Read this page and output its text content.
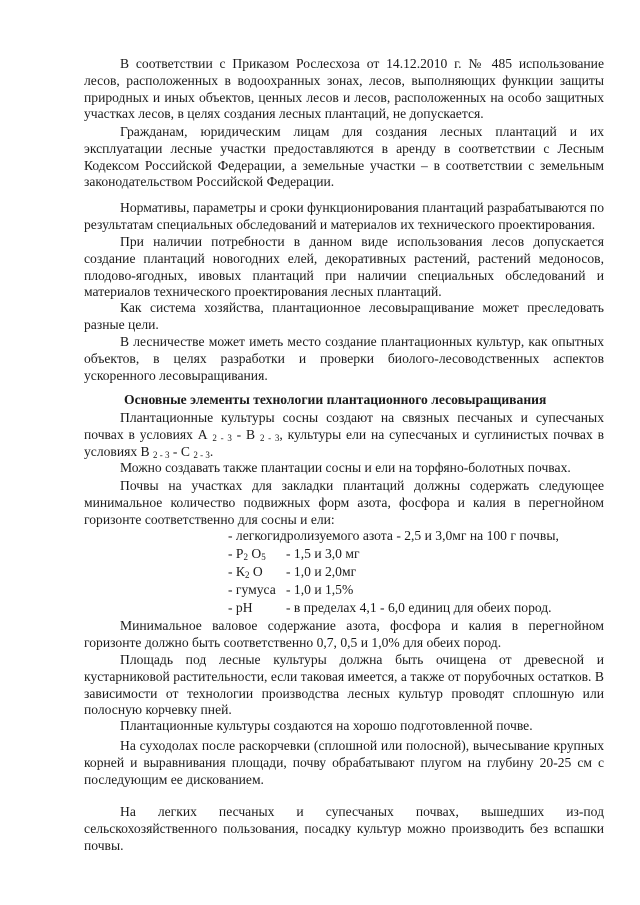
В соответствии с Приказом Рослесхоза от 14.12.2010 г. № 485 использование лесов, расположенных в водоохранных зонах, лесов, выполняющих функции защиты природных и иных объектов, ценных лесов и лесов, расположенных на особо защитных участках лесов, в целях создания лесных плантаций, не допускается.

Гражданам, юридическим лицам для создания лесных плантаций и их эксплуатации лесные участки предоставляются в аренду в соответствии с Лесным Кодексом Российской Федерации, а земельные участки – в соответствии с земельным законодательством Российской Федерации.

Нормативы, параметры и сроки функционирования плантаций разрабатываются по результатам специальных обследований и материалов их технического проектирования.

При наличии потребности в данном виде использования лесов допускается создание плантаций новогодних елей, декоративных растений, растений медоносов, плодово-ягодных, ивовых плантаций при наличии специальных обследований и материалов технического проектирования лесных плантаций.

Как система хозяйства, плантационное лесовыращивание может преследовать разные цели.

В лесничестве может иметь место создание плантационных культур, как опытных объектов, в целях разработки и проверки биолого-лесоводственных аспектов ускоренного лесовыращивания.

Основные элементы технологии плантационного лесовыращивания

Плантационные культуры сосны создают на связных песчаных и супесчаных почвах в условиях А $_{2 - 3}$ - В $_{2 - 3}$, культуры ели на супесчаных и суглинистых почвах в условиях В $_{2 - 3}$ - С $_{2 - 3}$.

Можно создавать также плантации сосны и ели на торфяно-болотных почвах.

Почвы на участках для закладки плантаций должны содержать следующее минимальное количество подвижных форм азота, фосфора и калия в перегнойном горизонте соответственно для сосны и ели:

- легкогидролизуемого азота - 2,5 и 3,0мг на 100 г почвы,

- $Р_2$ $О_5 - 1,5$ и 3,0 мг

- $К_2$ О - 1,0 и 2,0мг

- гумуса - 1,0 и 1,5%

- рН - в пределах 4,1 - 6,0 единиц для обеих пород.

Минимальное валовое содержание азота, фосфора и калия в перегнойном горизонте должно быть соответственно 0,7, 0,5 и 1,0% для обеих пород.

Площадь под лесные культуры должна быть очищена от древесной и кустарниковой растительности, если таковая имеется, а также от порубочных остатков. В зависимости от технологии производства лесных культур проводят сплошную или полосную корчевку пней.

Плантационные культуры создаются на хорошо подготовленной почве.

На суходолах после раскорчевки (сплошной или полосной), вычесывание крупных корней и выравнивания площади, почву обрабатывают плугом на глубину 20-25 см с последующим ее дискованием.

На легких песчаных и супесчаных почвах, вышедших из-под сельскохозяйственного пользования, посадку культур можно производить без вспашки почвы.
